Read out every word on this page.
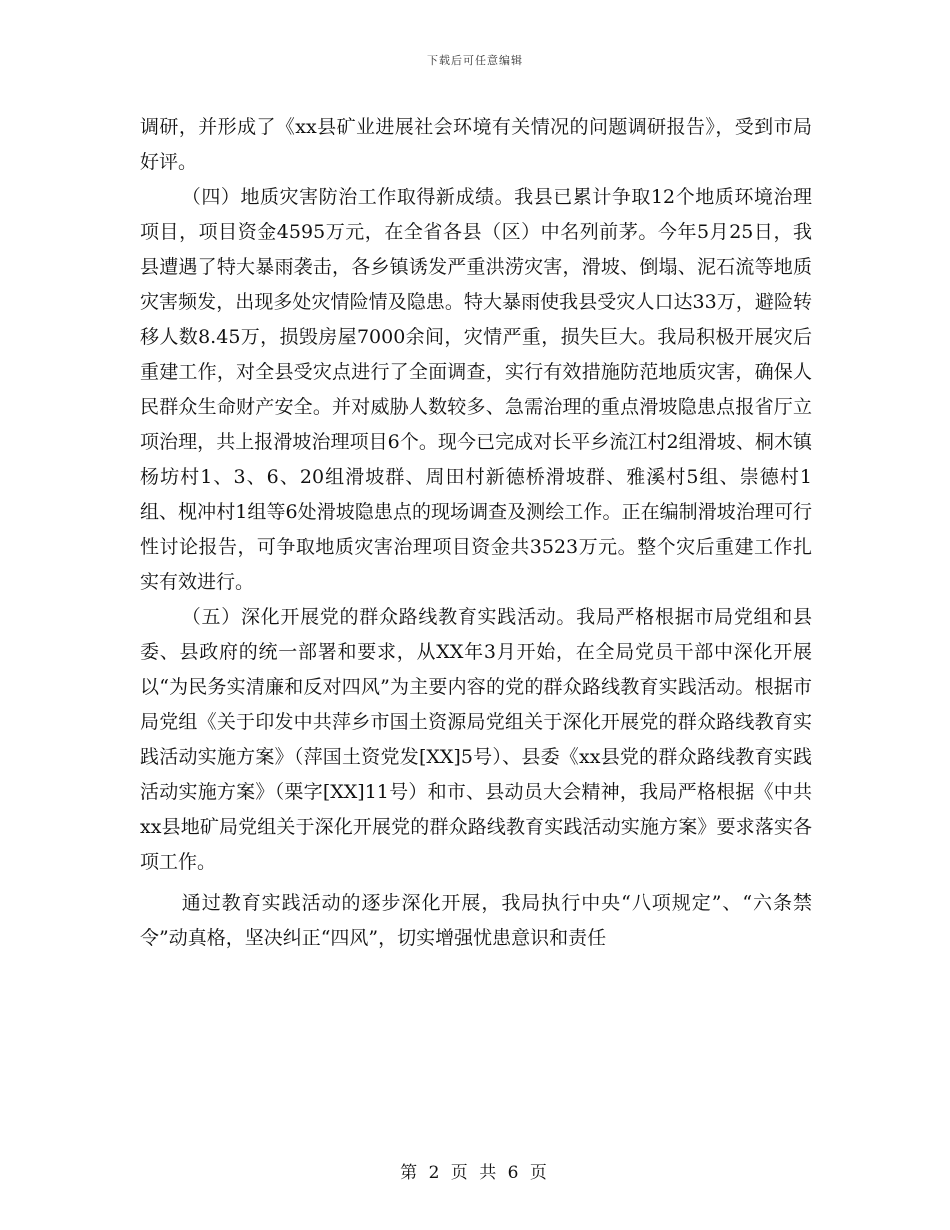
下载后可任意编辑

调研，并形成了《xx县矿业进展社会环境有关情况的问题调研报告》，受到市局好评。

（四）地质灾害防治工作取得新成绩。我县已累计争取12个地质环境治理项目，项目资金4595万元，在全省各县（区）中名列前茅。今年5月25日，我县遭遇了特大暴雨袭击，各乡镇诱发严重洪涝灾害，滑坡、倒塌、泥石流等地质灾害频发，出现多处灾情险情及隐患。特大暴雨使我县受灾人口达33万，避险转移人数8.45万，损毁房屋7000余间，灾情严重，损失巨大。我局积极开展灾后重建工作，对全县受灾点进行了全面调查，实行有效措施防范地质灾害，确保人民群众生命财产安全。并对威胁人数较多、急需治理的重点滑坡隐患点报省厅立项治理，共上报滑坡治理项目6个。现今已完成对长平乡流江村2组滑坡、桐木镇杨坊村1、3、6、20组滑坡群、周田村新德桥滑坡群、雅溪村5组、崇德村1组、枧冲村1组等6处滑坡隐患点的现场调查及测绘工作。正在编制滑坡治理可行性讨论报告，可争取地质灾害治理项目资金共3523万元。整个灾后重建工作扎实有效进行。

（五）深化开展党的群众路线教育实践活动。我局严格根据市局党组和县委、县政府的统一部署和要求，从XX年3月开始，在全局党员干部中深化开展以“为民务实清廉和反对四风”为主要内容的党的群众路线教育实践活动。根据市局党组《关于印发中共萍乡市国土资源局党组关于深化开展党的群众路线教育实践活动实施方案》（萍国土资党发[XX]5号）、县委《xx县党的群众路线教育实践活动实施方案》（栗字[XX]11号）和市、县动员大会精神，我局严格根据《中共xx县地矿局党组关于深化开展党的群众路线教育实践活动实施方案》要求落实各项工作。

通过教育实践活动的逐步深化开展，我局执行中央“八项规定”、“六条禁令”动真格，坚决纠正“四风”，切实增强忧患意识和责任

第 2 页 共 6 页
